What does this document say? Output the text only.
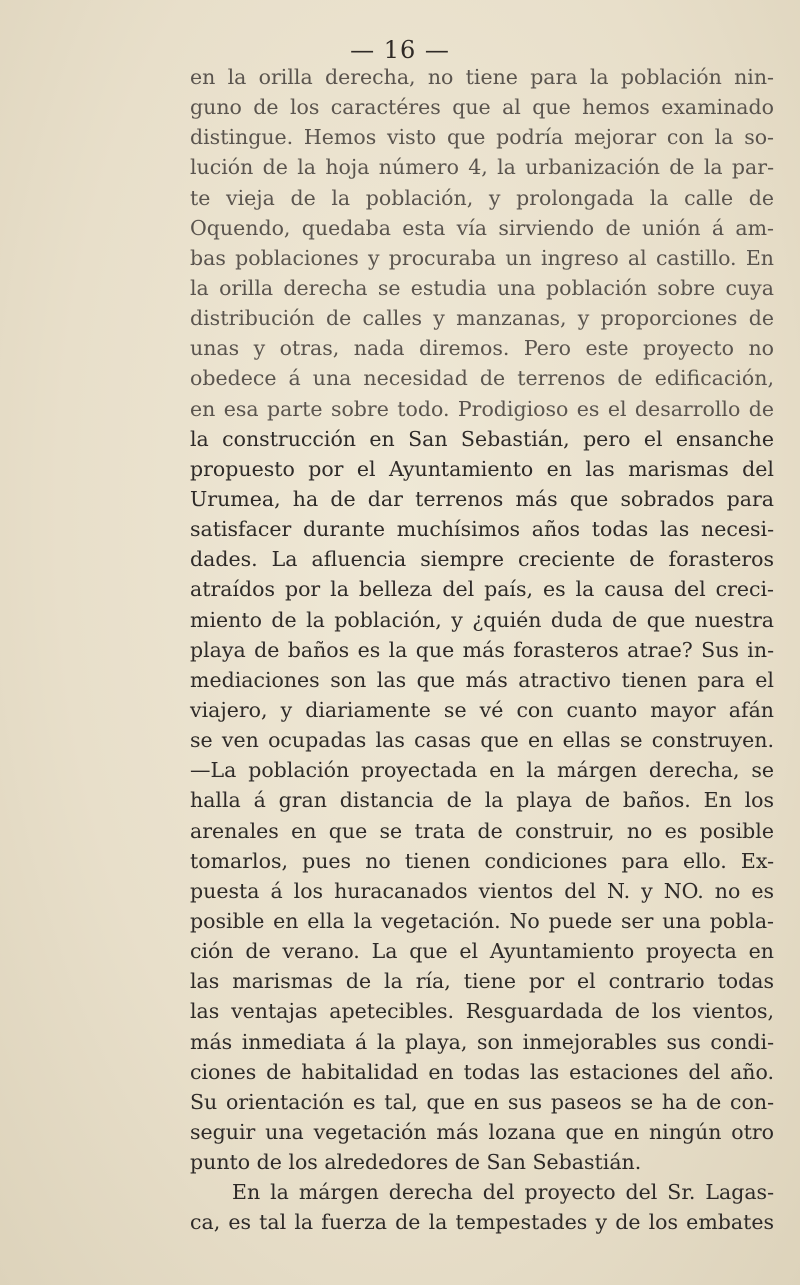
— 16 —
en la orilla derecha, no tiene para la población nin-
guno de los caractéres que al que hemos examinado
distingue. Hemos visto que podría mejorar con la so-
lución de la hoja número 4, la urbanización de la par-
te vieja de la población, y prolongada la calle de
Oquendo, quedaba esta vía sirviendo de unión á am-
bas poblaciones y procuraba un ingreso al castillo. En
la orilla derecha se estudia una población sobre cuya
distribución de calles y manzanas, y proporciones de
unas y otras, nada diremos. Pero este proyecto no
obedece á una necesidad de terrenos de edificación,
en esa parte sobre todo. Prodigioso es el desarrollo de
la construcción en San Sebastián, pero el ensanche
propuesto por el Ayuntamiento en las marismas del
Urumea, ha de dar terrenos más que sobrados para
satisfacer durante muchísimos años todas las necesi-
dades. La afluencia siempre creciente de forasteros
atraídos por la belleza del país, es la causa del creci-
miento de la población, y ¿quién duda de que nuestra
playa de baños es la que más forasteros atrae? Sus in-
mediaciones son las que más atractivo tienen para el
viajero, y diariamente se vé con cuanto mayor afán
se ven ocupadas las casas que en ellas se construyen.
—La población proyectada en la márgen derecha, se
halla á gran distancia de la playa de baños. En los
arenales en que se trata de construir, no es posible
tomarlos, pues no tienen condiciones para ello. Ex-
puesta á los huracanados vientos del N. y NO. no es
posible en ella la vegetación. No puede ser una pobla-
ción de verano. La que el Ayuntamiento proyecta en
las marismas de la ría, tiene por el contrario todas
las ventajas apetecibles. Resguardada de los vientos,
más inmediata á la playa, son inmejorables sus condi-
ciones de habitalidad en todas las estaciones del año.
Su orientación es tal, que en sus paseos se ha de con-
seguir una vegetación más lozana que en ningún otro
punto de los alrededores de San Sebastián.
En la márgen derecha del proyecto del Sr. Lagas-
ca, es tal la fuerza de la tempestades y de los embates
